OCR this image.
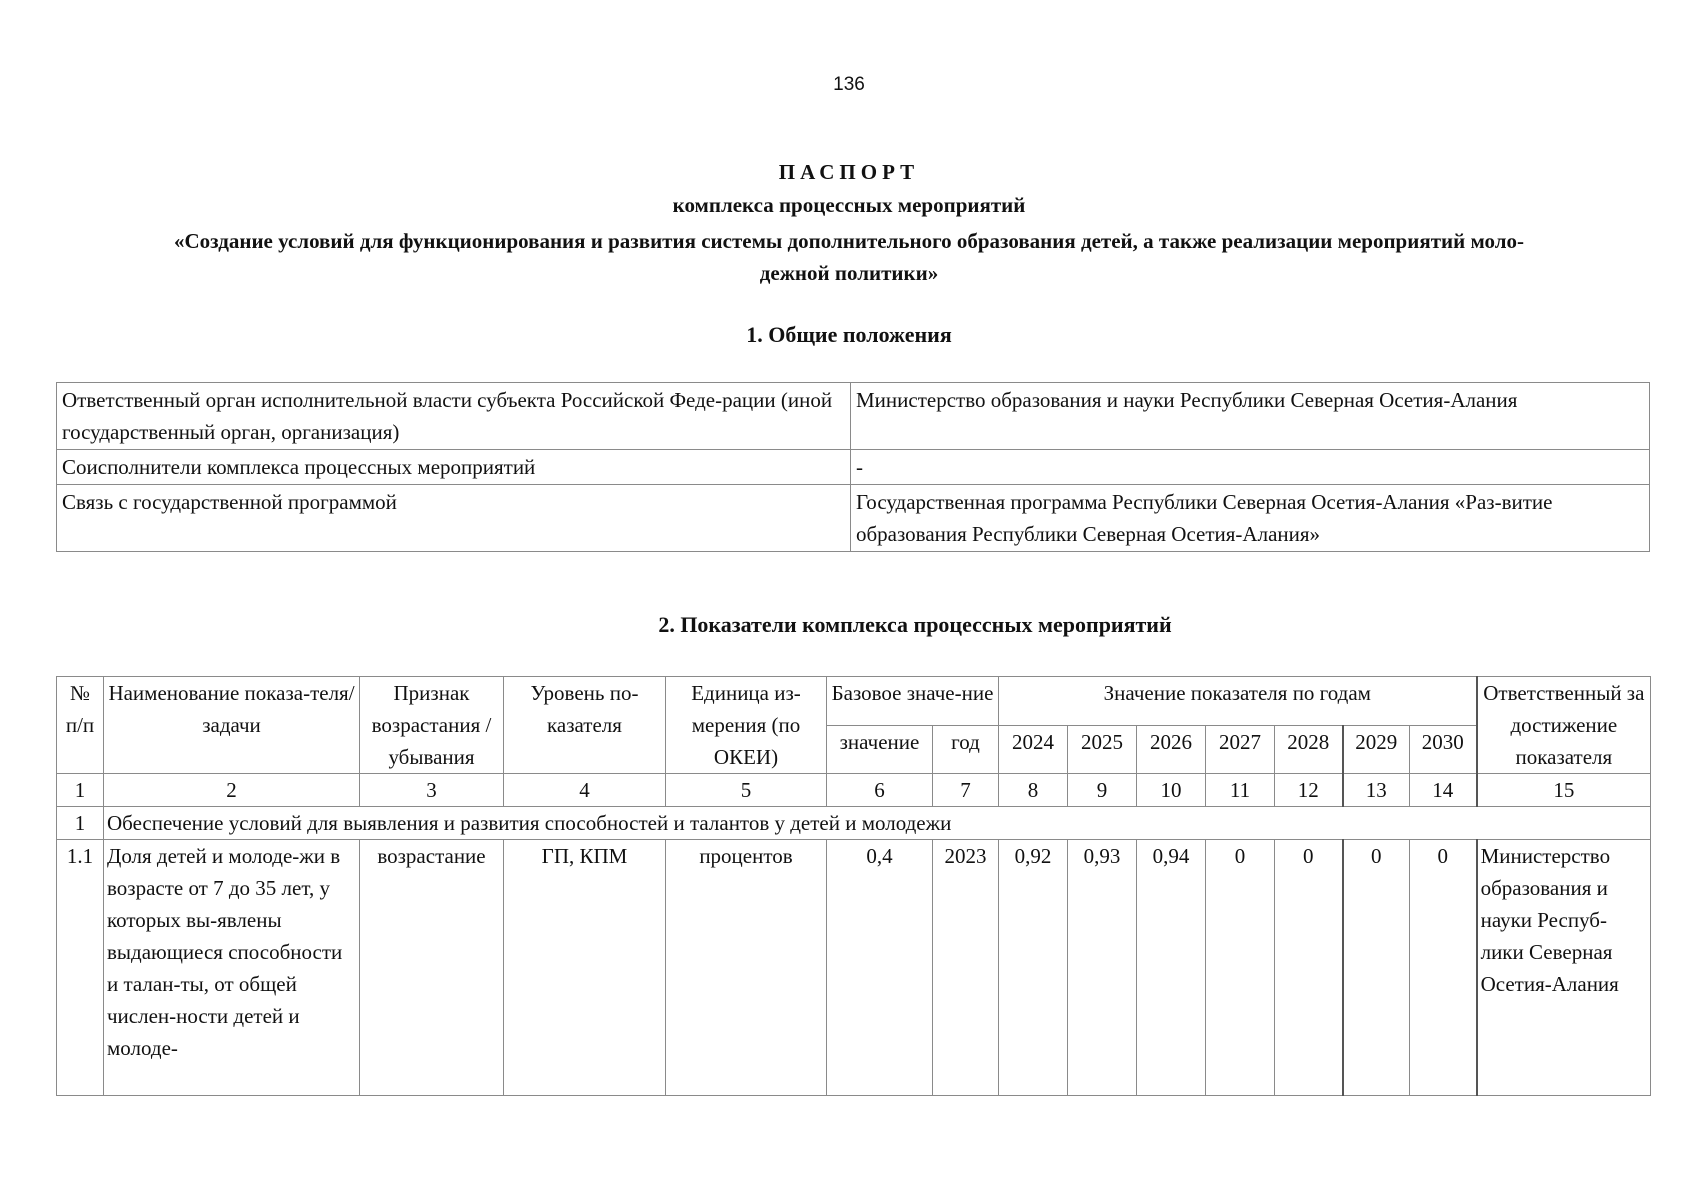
136
ПАСПОРТ
комплекса процессных мероприятий
«Создание условий для функционирования и развития системы дополнительного образования детей, а также реализации мероприятий моло-
дежной политики»
1. Общие положения
Ответственный орган исполнительной власти субъекта Российской Феде-рации (иной государственный орган, организация)	Министерство образования и науки Республики Северная Осетия-Алания
Соисполнители комплекса процессных мероприятий	-
Связь с государственной программой	Государственная программа Республики Северная Осетия-Алания «Раз-витие образования Республики Северная Осетия-Алания»
2. Показатели комплекса процессных мероприятий
№ п/п	Наименование показа-теля/задачи	Признак возрастания / убывания	Уровень по-казателя	Единица из-мерения (по ОКЕИ)	Базовое значе-ние		Значение показателя по годам							Ответственный за достижение показателя
					значение	год	2024	2025	2026	2027	2028	2029	2030	
1	2	3	4	5	6	7	8	9	10	11	12	13	14	15
1	Обеспечение условий для выявления и развития способностей и талантов у детей и молодежи													
1.1	Доля детей и молоде-жи в возрасте от 7 до 35 лет, у которых вы-явлены выдающиеся способности и талан-ты, от общей числен-ности детей и молоде-	возрастание	ГП, КПМ	процентов	0,4	2023	0,92	0,93	0,94	0	0	0	0	Министерство образования и науки Респуб-лики Северная Осетия-Алания
